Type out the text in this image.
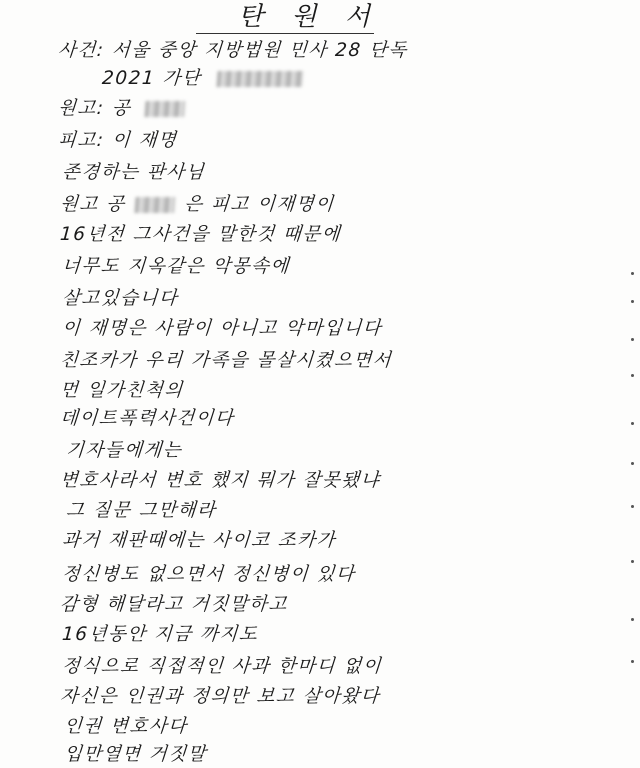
탄 원 서
사건: 서울 중앙 지방법원 민사 28 단독
2021 가단
원고: 공
피고: 이 재명
존경하는 판사님
원고 공	은 피고 이재명이
16년전 그사건을 말한것 때문에
너무도 지옥같은 악몽속에
살고있습니다
이 재명은 사람이 아니고 악마입니다
친조카가 우리 가족을 몰살시켰으면서
먼 일가친척의
데이트폭력사건이다
기자들에게는
변호사라서 변호 했지 뭐가 잘못됐냐
그 질문 그만해라
과거 재판때에는 사이코 조카가
정신병도 없으면서 정신병이 있다
감형 해달라고 거짓말하고
16년동안 지금 까지도
정식으로 직접적인 사과 한마디 없이
자신은 인권과 정의만 보고 살아왔다
인권 변호사다
입만열면 거짓말
